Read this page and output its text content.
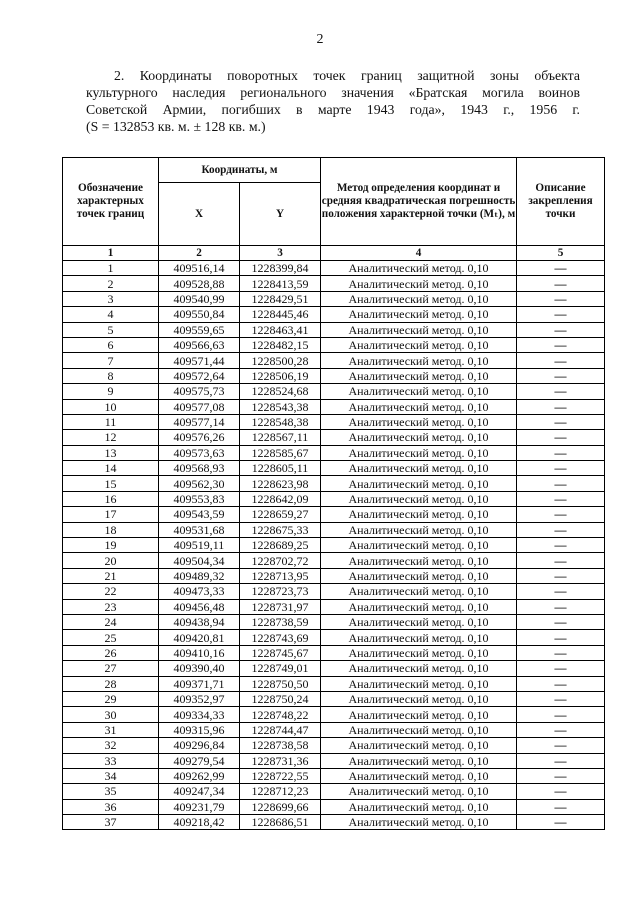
2
2. Координаты поворотных точек границ защитной зоны объекта
культурного наследия регионального значения «Братская могила воинов
Советской Армии, погибших в марте 1943 года», 1943 г., 1956 г.
(S = 132853 кв. м. ± 128 кв. м.)
Обозначение характерных точек границ	Координаты, м		Метод определения координат и средняя квадратическая погрешность положения характерной точки (Mₜ), м	Описание закрепления точки
	X	Y		
1	2	3	4	5
1	409516,14	1228399,84	Аналитический метод. 0,10	—
2	409528,88	1228413,59	Аналитический метод. 0,10	—
3	409540,99	1228429,51	Аналитический метод. 0,10	—
4	409550,84	1228445,46	Аналитический метод. 0,10	—
5	409559,65	1228463,41	Аналитический метод. 0,10	—
6	409566,63	1228482,15	Аналитический метод. 0,10	—
7	409571,44	1228500,28	Аналитический метод. 0,10	—
8	409572,64	1228506,19	Аналитический метод. 0,10	—
9	409575,73	1228524,68	Аналитический метод. 0,10	—
10	409577,08	1228543,38	Аналитический метод. 0,10	—
11	409577,14	1228548,38	Аналитический метод. 0,10	—
12	409576,26	1228567,11	Аналитический метод. 0,10	—
13	409573,63	1228585,67	Аналитический метод. 0,10	—
14	409568,93	1228605,11	Аналитический метод. 0,10	—
15	409562,30	1228623,98	Аналитический метод. 0,10	—
16	409553,83	1228642,09	Аналитический метод. 0,10	—
17	409543,59	1228659,27	Аналитический метод. 0,10	—
18	409531,68	1228675,33	Аналитический метод. 0,10	—
19	409519,11	1228689,25	Аналитический метод. 0,10	—
20	409504,34	1228702,72	Аналитический метод. 0,10	—
21	409489,32	1228713,95	Аналитический метод. 0,10	—
22	409473,33	1228723,73	Аналитический метод. 0,10	—
23	409456,48	1228731,97	Аналитический метод. 0,10	—
24	409438,94	1228738,59	Аналитический метод. 0,10	—
25	409420,81	1228743,69	Аналитический метод. 0,10	—
26	409410,16	1228745,67	Аналитический метод. 0,10	—
27	409390,40	1228749,01	Аналитический метод. 0,10	—
28	409371,71	1228750,50	Аналитический метод. 0,10	—
29	409352,97	1228750,24	Аналитический метод. 0,10	—
30	409334,33	1228748,22	Аналитический метод. 0,10	—
31	409315,96	1228744,47	Аналитический метод. 0,10	—
32	409296,84	1228738,58	Аналитический метод. 0,10	—
33	409279,54	1228731,36	Аналитический метод. 0,10	—
34	409262,99	1228722,55	Аналитический метод. 0,10	—
35	409247,34	1228712,23	Аналитический метод. 0,10	—
36	409231,79	1228699,66	Аналитический метод. 0,10	—
37	409218,42	1228686,51	Аналитический метод. 0,10	—
